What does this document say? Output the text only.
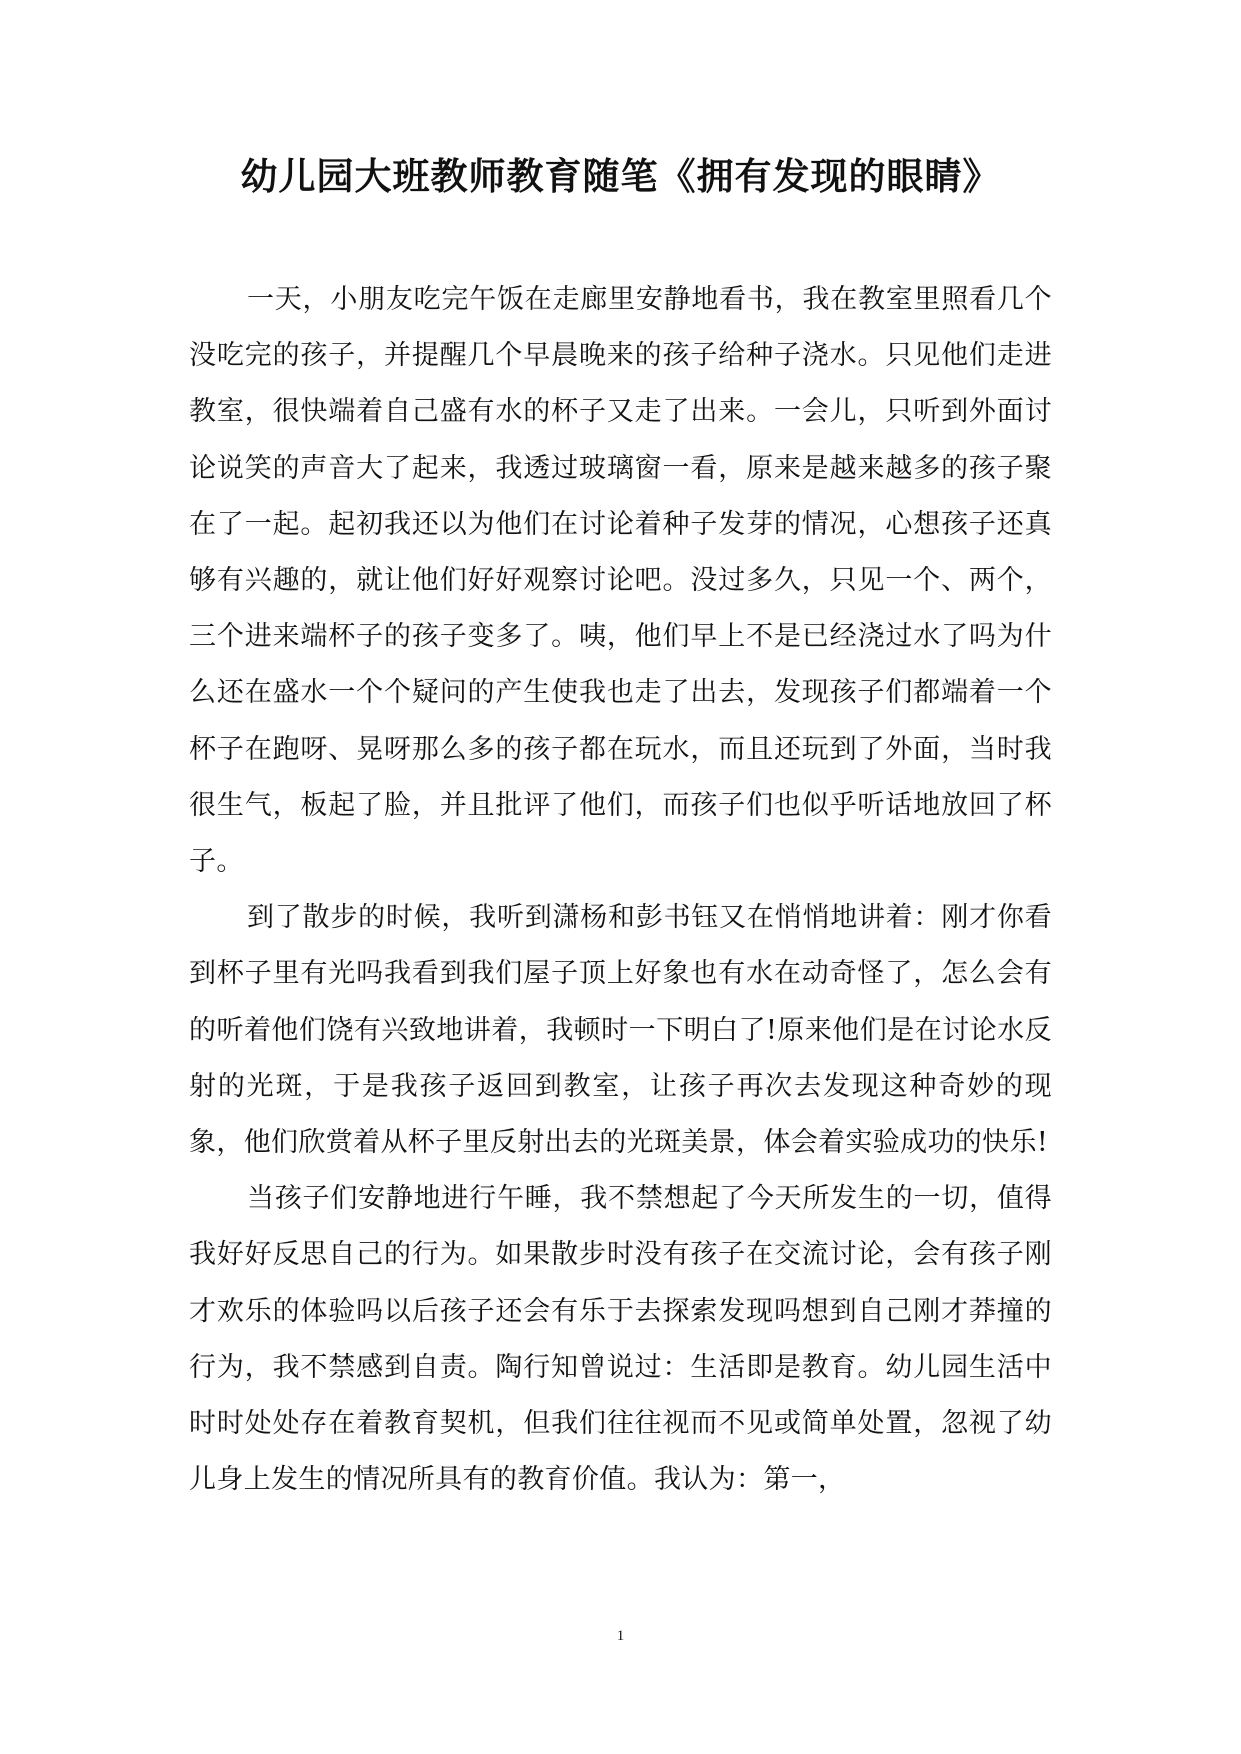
幼儿园大班教师教育随笔《拥有发现的眼睛》

一天，小朋友吃完午饭在走廊里安静地看书，我在教室里照看几个没吃完的孩子，并提醒几个早晨晚来的孩子给种子浇水。只见他们走进教室，很快端着自己盛有水的杯子又走了出来。一会儿，只听到外面讨论说笑的声音大了起来，我透过玻璃窗一看，原来是越来越多的孩子聚在了一起。起初我还以为他们在讨论着种子发芽的情况，心想孩子还真够有兴趣的，就让他们好好观察讨论吧。没过多久，只见一个、两个，三个进来端杯子的孩子变多了。咦，他们早上不是已经浇过水了吗为什么还在盛水一个个疑问的产生使我也走了出去，发现孩子们都端着一个杯子在跑呀、晃呀那么多的孩子都在玩水，而且还玩到了外面，当时我很生气，板起了脸，并且批评了他们，而孩子们也似乎听话地放回了杯子。

到了散步的时候，我听到潇杨和彭书钰又在悄悄地讲着：刚才你看到杯子里有光吗我看到我们屋子顶上好象也有水在动奇怪了，怎么会有的听着他们饶有兴致地讲着，我顿时一下明白了!原来他们是在讨论水反射的光斑，于是我孩子返回到教室，让孩子再次去发现这种奇妙的现象，他们欣赏着从杯子里反射出去的光斑美景，体会着实验成功的快乐!

当孩子们安静地进行午睡，我不禁想起了今天所发生的一切，值得我好好反思自己的行为。如果散步时没有孩子在交流讨论，会有孩子刚才欢乐的体验吗以后孩子还会有乐于去探索发现吗想到自己刚才莽撞的行为，我不禁感到自责。陶行知曾说过：生活即是教育。幼儿园生活中时时处处存在着教育契机，但我们往往视而不见或简单处置，忽视了幼儿身上发生的情况所具有的教育价值。我认为：第一，

1
